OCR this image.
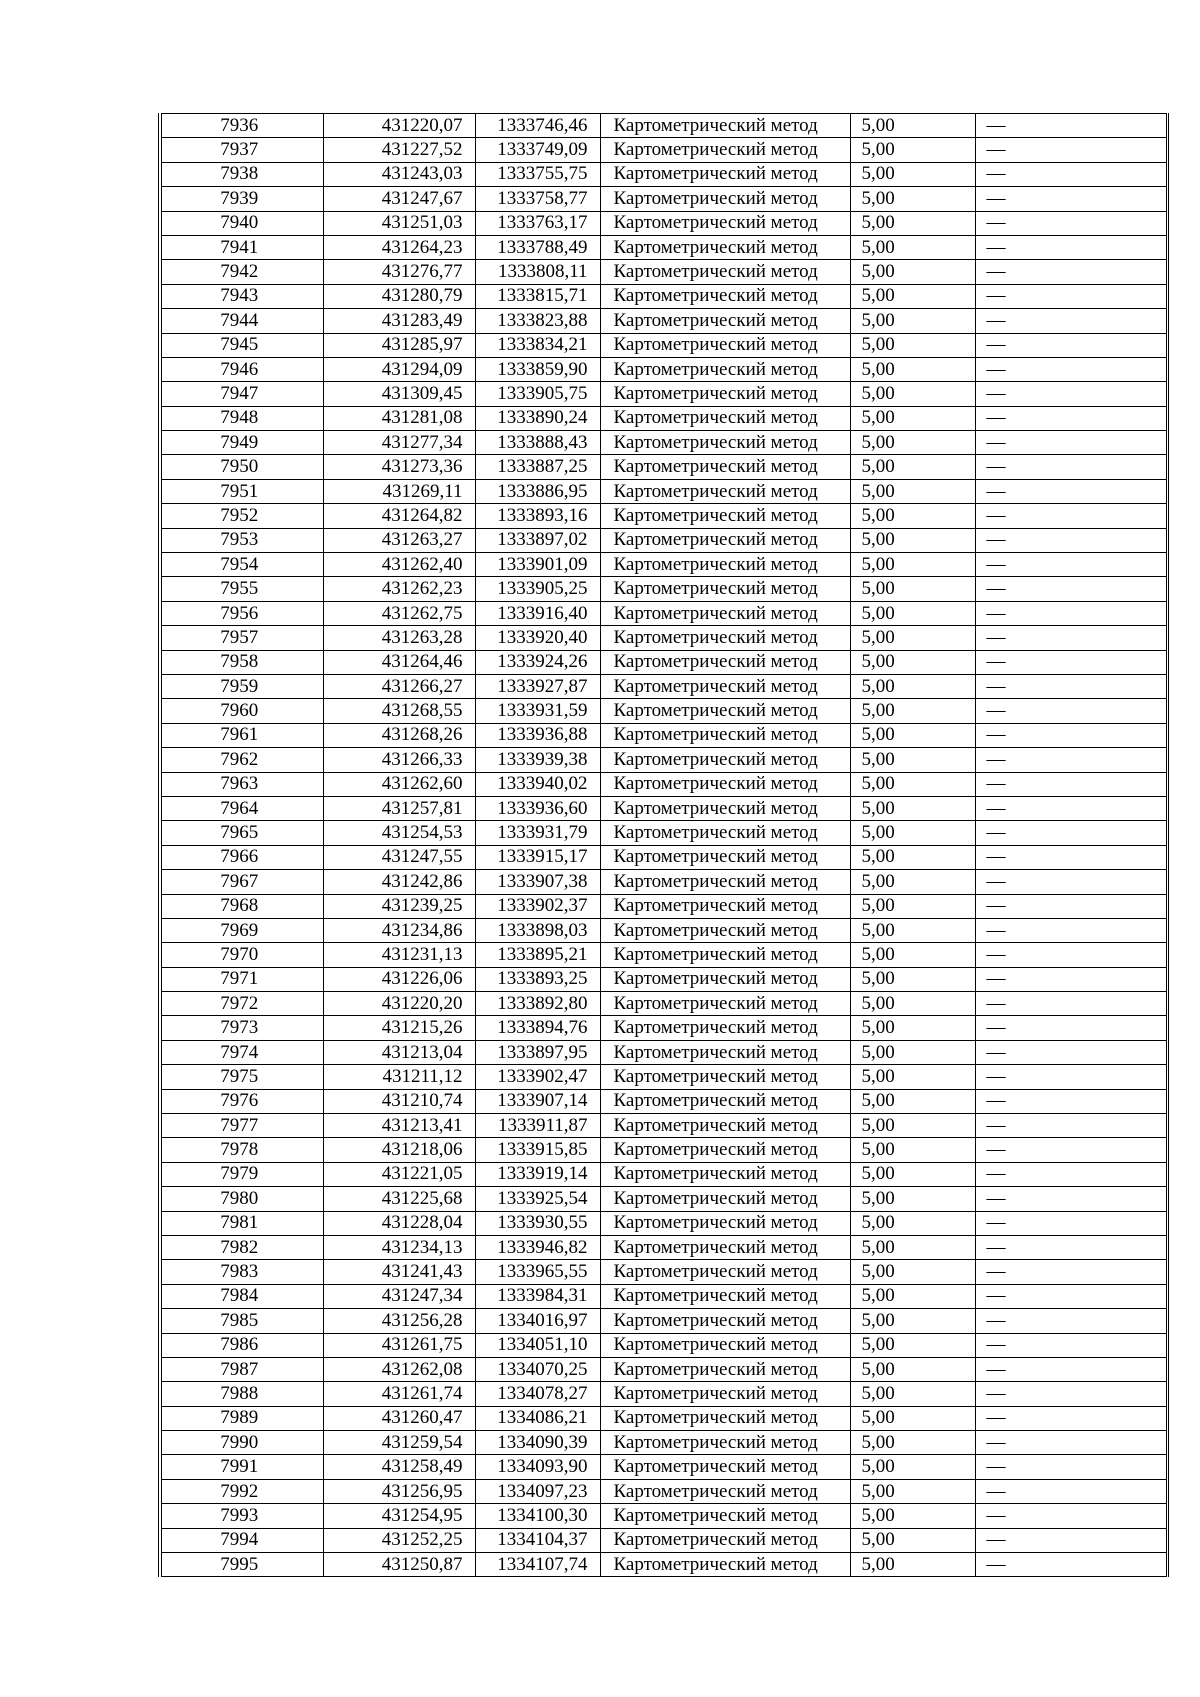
7936	431220,07	1333746,46	Картометрический метод	5,00	—
7937	431227,52	1333749,09	Картометрический метод	5,00	—
7938	431243,03	1333755,75	Картометрический метод	5,00	—
7939	431247,67	1333758,77	Картометрический метод	5,00	—
7940	431251,03	1333763,17	Картометрический метод	5,00	—
7941	431264,23	1333788,49	Картометрический метод	5,00	—
7942	431276,77	1333808,11	Картометрический метод	5,00	—
7943	431280,79	1333815,71	Картометрический метод	5,00	—
7944	431283,49	1333823,88	Картометрический метод	5,00	—
7945	431285,97	1333834,21	Картометрический метод	5,00	—
7946	431294,09	1333859,90	Картометрический метод	5,00	—
7947	431309,45	1333905,75	Картометрический метод	5,00	—
7948	431281,08	1333890,24	Картометрический метод	5,00	—
7949	431277,34	1333888,43	Картометрический метод	5,00	—
7950	431273,36	1333887,25	Картометрический метод	5,00	—
7951	431269,11	1333886,95	Картометрический метод	5,00	—
7952	431264,82	1333893,16	Картометрический метод	5,00	—
7953	431263,27	1333897,02	Картометрический метод	5,00	—
7954	431262,40	1333901,09	Картометрический метод	5,00	—
7955	431262,23	1333905,25	Картометрический метод	5,00	—
7956	431262,75	1333916,40	Картометрический метод	5,00	—
7957	431263,28	1333920,40	Картометрический метод	5,00	—
7958	431264,46	1333924,26	Картометрический метод	5,00	—
7959	431266,27	1333927,87	Картометрический метод	5,00	—
7960	431268,55	1333931,59	Картометрический метод	5,00	—
7961	431268,26	1333936,88	Картометрический метод	5,00	—
7962	431266,33	1333939,38	Картометрический метод	5,00	—
7963	431262,60	1333940,02	Картометрический метод	5,00	—
7964	431257,81	1333936,60	Картометрический метод	5,00	—
7965	431254,53	1333931,79	Картометрический метод	5,00	—
7966	431247,55	1333915,17	Картометрический метод	5,00	—
7967	431242,86	1333907,38	Картометрический метод	5,00	—
7968	431239,25	1333902,37	Картометрический метод	5,00	—
7969	431234,86	1333898,03	Картометрический метод	5,00	—
7970	431231,13	1333895,21	Картометрический метод	5,00	—
7971	431226,06	1333893,25	Картометрический метод	5,00	—
7972	431220,20	1333892,80	Картометрический метод	5,00	—
7973	431215,26	1333894,76	Картометрический метод	5,00	—
7974	431213,04	1333897,95	Картометрический метод	5,00	—
7975	431211,12	1333902,47	Картометрический метод	5,00	—
7976	431210,74	1333907,14	Картометрический метод	5,00	—
7977	431213,41	1333911,87	Картометрический метод	5,00	—
7978	431218,06	1333915,85	Картометрический метод	5,00	—
7979	431221,05	1333919,14	Картометрический метод	5,00	—
7980	431225,68	1333925,54	Картометрический метод	5,00	—
7981	431228,04	1333930,55	Картометрический метод	5,00	—
7982	431234,13	1333946,82	Картометрический метод	5,00	—
7983	431241,43	1333965,55	Картометрический метод	5,00	—
7984	431247,34	1333984,31	Картометрический метод	5,00	—
7985	431256,28	1334016,97	Картометрический метод	5,00	—
7986	431261,75	1334051,10	Картометрический метод	5,00	—
7987	431262,08	1334070,25	Картометрический метод	5,00	—
7988	431261,74	1334078,27	Картометрический метод	5,00	—
7989	431260,47	1334086,21	Картометрический метод	5,00	—
7990	431259,54	1334090,39	Картометрический метод	5,00	—
7991	431258,49	1334093,90	Картометрический метод	5,00	—
7992	431256,95	1334097,23	Картометрический метод	5,00	—
7993	431254,95	1334100,30	Картометрический метод	5,00	—
7994	431252,25	1334104,37	Картометрический метод	5,00	—
7995	431250,87	1334107,74	Картометрический метод	5,00	—
